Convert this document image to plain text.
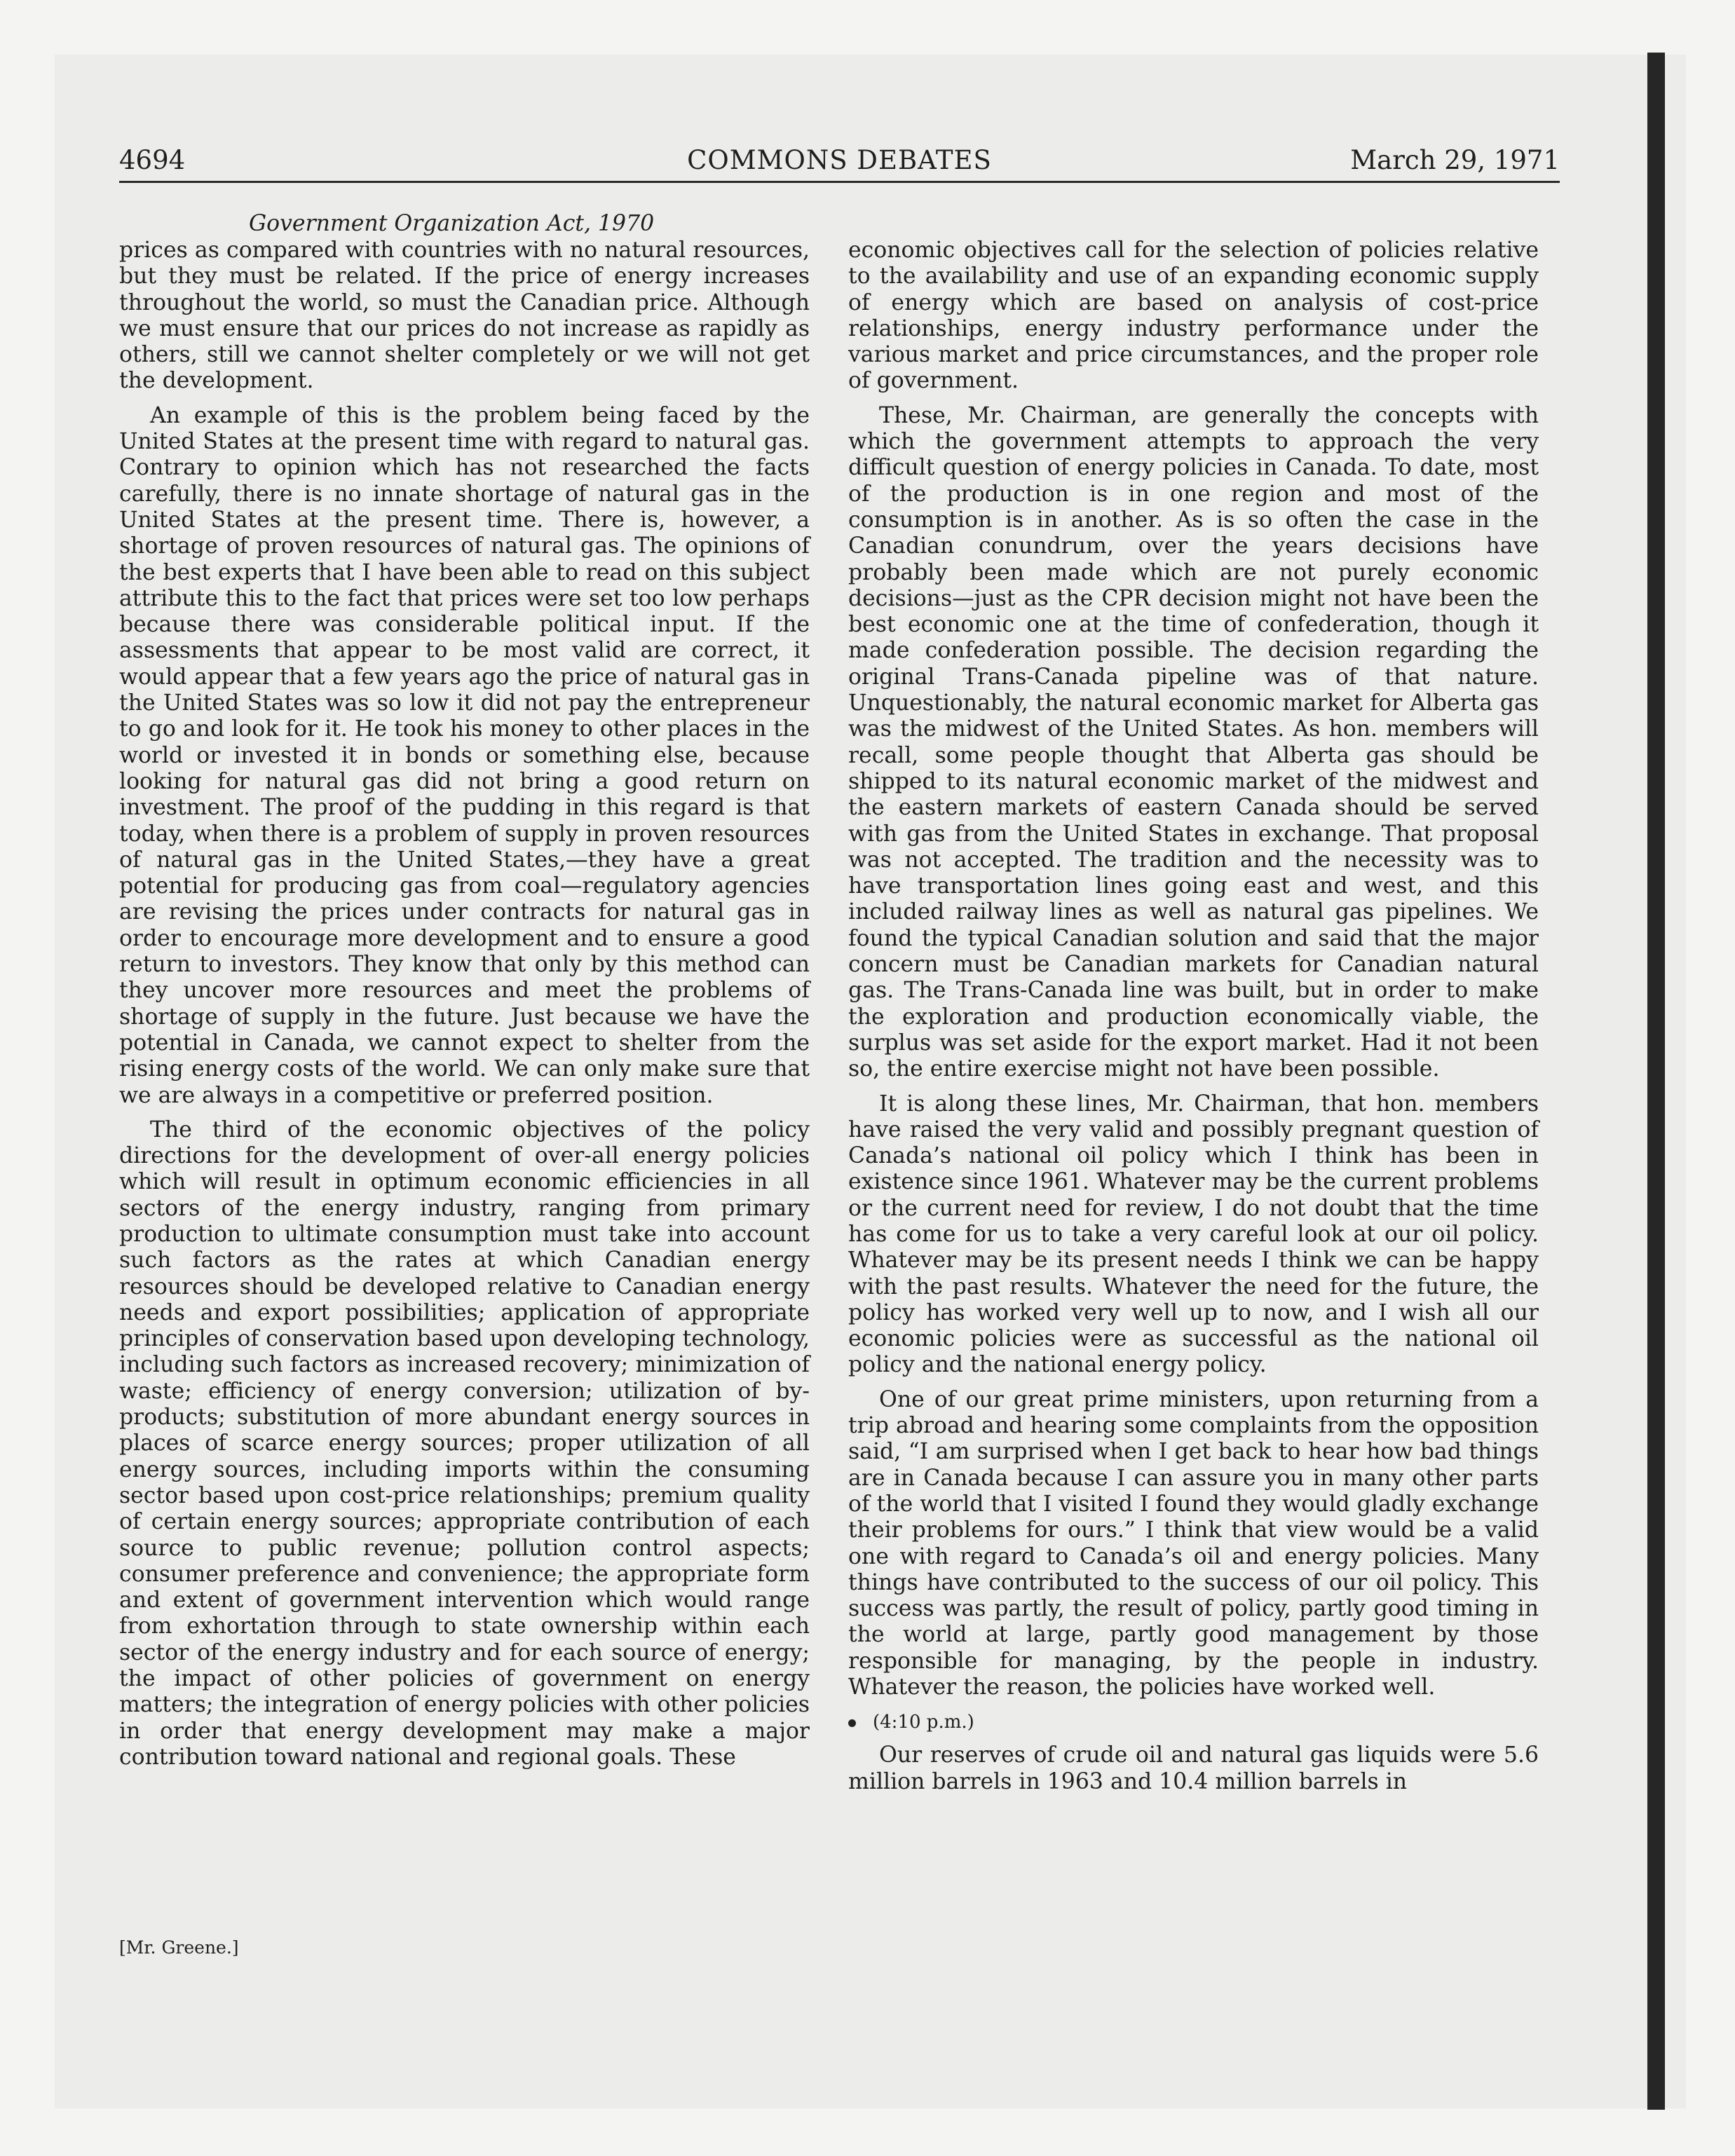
4694	COMMONS DEBATES	March 29, 1971
Government Organization Act, 1970

prices as compared with countries with no natural resources, but they must be related. If the price of energy increases throughout the world, so must the Canadian price. Although we must ensure that our prices do not increase as rapidly as others, still we cannot shelter completely or we will not get the development.

An example of this is the problem being faced by the United States at the present time with regard to natural gas. Contrary to opinion which has not researched the facts carefully, there is no innate shortage of natural gas in the United States at the present time. There is, however, a shortage of proven resources of natural gas. The opinions of the best experts that I have been able to read on this subject attribute this to the fact that prices were set too low perhaps because there was considerable political input. If the assessments that appear to be most valid are correct, it would appear that a few years ago the price of natural gas in the United States was so low it did not pay the entrepreneur to go and look for it. He took his money to other places in the world or invested it in bonds or something else, because looking for natural gas did not bring a good return on investment. The proof of the pudding in this regard is that today, when there is a problem of supply in proven resources of natural gas in the United States,—they have a great potential for producing gas from coal—regulatory agencies are revising the prices under contracts for natural gas in order to encourage more development and to ensure a good return to investors. They know that only by this method can they uncover more resources and meet the problems of shortage of supply in the future. Just because we have the potential in Canada, we cannot expect to shelter from the rising energy costs of the world. We can only make sure that we are always in a competitive or preferred position.

The third of the economic objectives of the policy directions for the development of over-all energy policies which will result in optimum economic efficiencies in all sectors of the energy industry, ranging from primary production to ultimate consumption must take into account such factors as the rates at which Canadian energy resources should be developed relative to Canadian energy needs and export possibilities; application of appropriate principles of conservation based upon developing technology, including such factors as increased recovery; minimization of waste; efficiency of energy conversion; utilization of by-products; substitution of more abundant energy sources in places of scarce energy sources; proper utilization of all energy sources, including imports within the consuming sector based upon cost-price relationships; premium quality of certain energy sources; appropriate contribution of each source to public revenue; pollution control aspects; consumer preference and convenience; the appropriate form and extent of government intervention which would range from exhortation through to state ownership within each sector of the energy industry and for each source of energy; the impact of other policies of government on energy matters; the integration of energy policies with other policies in order that energy development may make a major contribution toward national and regional goals. These

economic objectives call for the selection of policies relative to the availability and use of an expanding economic supply of energy which are based on analysis of cost-price relationships, energy industry performance under the various market and price circumstances, and the proper role of government.

These, Mr. Chairman, are generally the concepts with which the government attempts to approach the very difficult question of energy policies in Canada. To date, most of the production is in one region and most of the consumption is in another. As is so often the case in the Canadian conundrum, over the years decisions have probably been made which are not purely economic decisions—just as the CPR decision might not have been the best economic one at the time of confederation, though it made confederation possible. The decision regarding the original Trans-Canada pipeline was of that nature. Unquestionably, the natural economic market for Alberta gas was the midwest of the United States. As hon. members will recall, some people thought that Alberta gas should be shipped to its natural economic market of the midwest and the eastern markets of eastern Canada should be served with gas from the United States in exchange. That proposal was not accepted. The tradition and the necessity was to have transportation lines going east and west, and this included railway lines as well as natural gas pipelines. We found the typical Canadian solution and said that the major concern must be Canadian markets for Canadian natural gas. The Trans-Canada line was built, but in order to make the exploration and production economically viable, the surplus was set aside for the export market. Had it not been so, the entire exercise might not have been possible.

It is along these lines, Mr. Chairman, that hon. members have raised the very valid and possibly pregnant question of Canada’s national oil policy which I think has been in existence since 1961. Whatever may be the current problems or the current need for review, I do not doubt that the time has come for us to take a very careful look at our oil policy. Whatever may be its present needs I think we can be happy with the past results. Whatever the need for the future, the policy has worked very well up to now, and I wish all our economic policies were as successful as the national oil policy and the national energy policy.

One of our great prime ministers, upon returning from a trip abroad and hearing some complaints from the opposition said, “I am surprised when I get back to hear how bad things are in Canada because I can assure you in many other parts of the world that I visited I found they would gladly exchange their problems for ours.” I think that view would be a valid one with regard to Canada’s oil and energy policies. Many things have contributed to the success of our oil policy. This success was partly, the result of policy, partly good timing in the world at large, partly good management by those responsible for managing, by the people in industry. Whatever the reason, the policies have worked well.

(4:10 p.m.)

Our reserves of crude oil and natural gas liquids were 5.6 million barrels in 1963 and 10.4 million barrels in

[Mr. Greene.]
